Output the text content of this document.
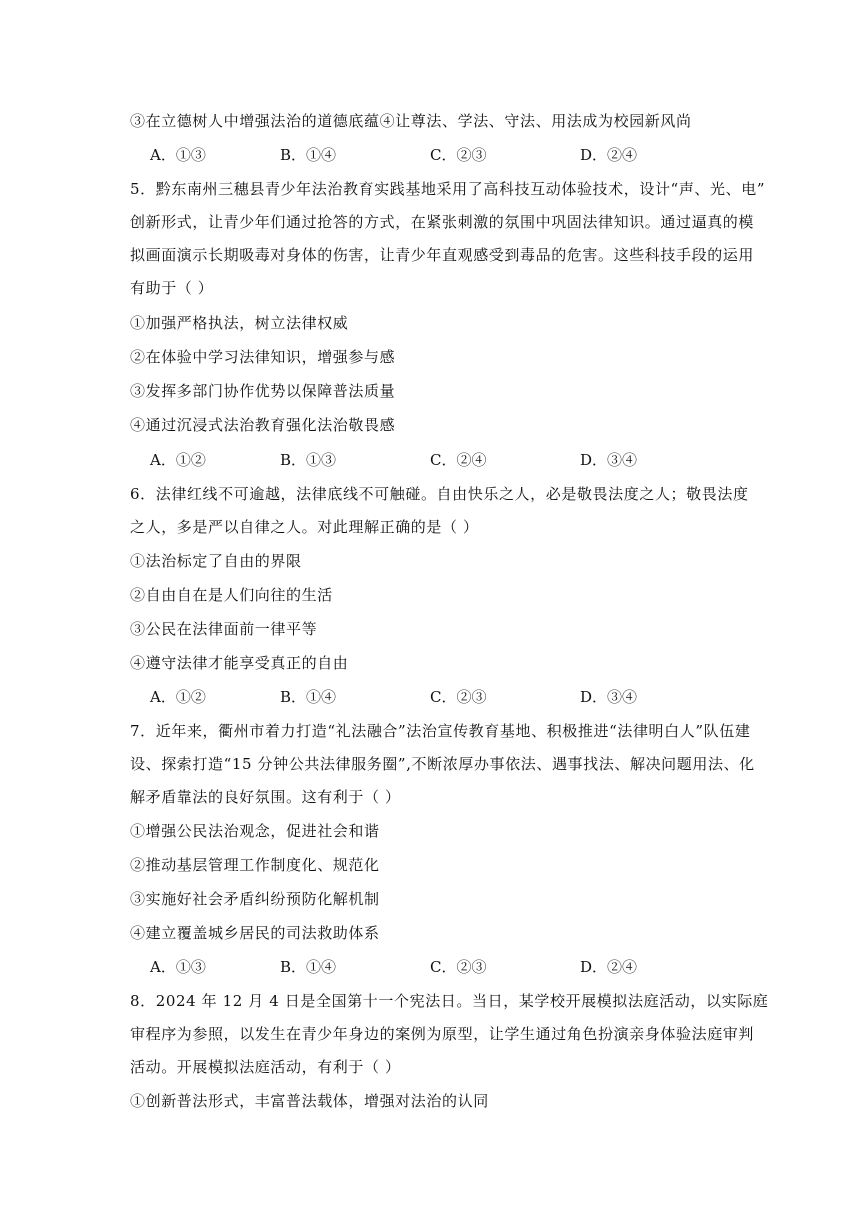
③在立德树人中增强法治的道德底蕴④让尊法、学法、守法、用法成为校园新风尚
A．①③	B．①④	C．②③	D．②④
5．黔东南州三穗县青少年法治教育实践基地采用了高科技互动体验技术，设计“声、光、电”
创新形式，让青少年们通过抢答的方式，在紧张刺激的氛围中巩固法律知识。通过逼真的模
拟画面演示长期吸毒对身体的伤害，让青少年直观感受到毒品的危害。这些科技手段的运用
有助于（ ）
①加强严格执法，树立法律权威
②在体验中学习法律知识，增强参与感
③发挥多部门协作优势以保障普法质量
④通过沉浸式法治教育强化法治敬畏感
A．①②	B．①③	C．②④	D．③④
6．法律红线不可逾越，法律底线不可触碰。自由快乐之人，必是敬畏法度之人；敬畏法度
之人，多是严以自律之人。对此理解正确的是（ ）
①法治标定了自由的界限
②自由自在是人们向往的生活
③公民在法律面前一律平等
④遵守法律才能享受真正的自由
A．①②	B．①④	C．②③	D．③④
7．近年来，衢州市着力打造“礼法融合”法治宣传教育基地、积极推进“法律明白人”队伍建
设、探索打造“15 分钟公共法律服务圈”,不断浓厚办事依法、遇事找法、解决问题用法、化
解矛盾靠法的良好氛围。这有利于（ ）
①增强公民法治观念，促进社会和谐
②推动基层管理工作制度化、规范化
③实施好社会矛盾纠纷预防化解机制
④建立覆盖城乡居民的司法救助体系
A．①③	B．①④	C．②③	D．②④
8．2024 年 12 月 4 日是全国第十一个宪法日。当日，某学校开展模拟法庭活动，以实际庭
审程序为参照，以发生在青少年身边的案例为原型，让学生通过角色扮演亲身体验法庭审判
活动。开展模拟法庭活动，有利于（ ）
①创新普法形式，丰富普法载体，增强对法治的认同
